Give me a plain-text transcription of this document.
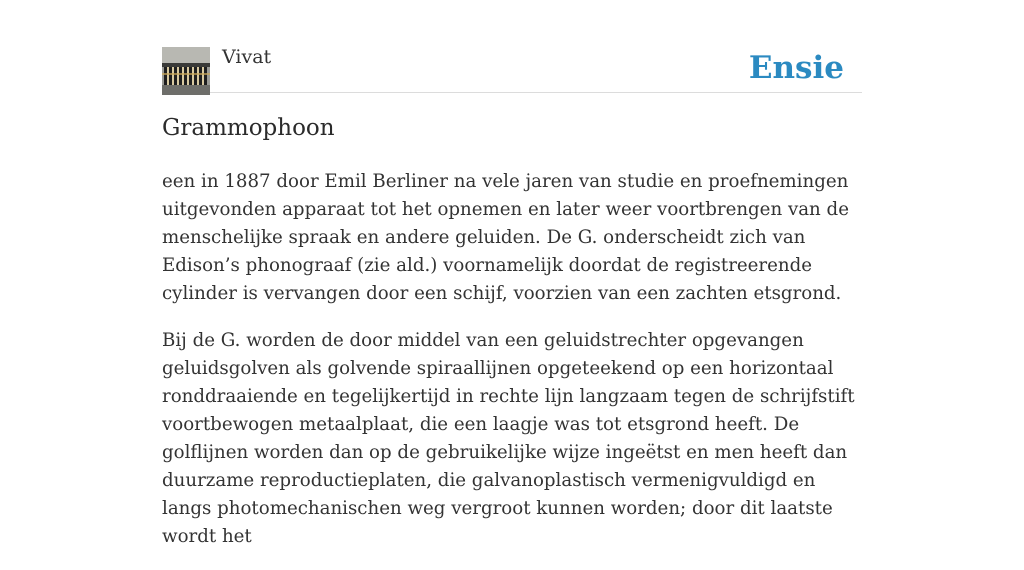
Vivat	Ensie
Grammophoon

een in 1887 door Emil Berliner na vele jaren van studie en proefnemingen uitgevonden apparaat tot het opnemen en later weer voortbrengen van de menschelijke spraak en andere geluiden. De G. onderscheidt zich van Edison’s phonograaf (zie ald.) voornamelijk doordat de registreerende cylinder is vervangen door een schijf, voorzien van een zachten etsgrond.

Bij de G. worden de door middel van een geluidstrechter opgevangen geluidsgolven als golvende spiraallijnen opgeteekend op een horizontaal ronddraaiende en tegelijkertijd in rechte lijn langzaam tegen de schrijfstift voortbewogen metaalplaat, die een laagje was tot etsgrond heeft. De golflijnen worden dan op de gebruikelijke wijze ingeëtst en men heeft dan duurzame reproductieplaten, die galvanoplastisch vermenigvuldigd en langs photomechanischen weg vergroot kunnen worden; door dit laatste wordt het
